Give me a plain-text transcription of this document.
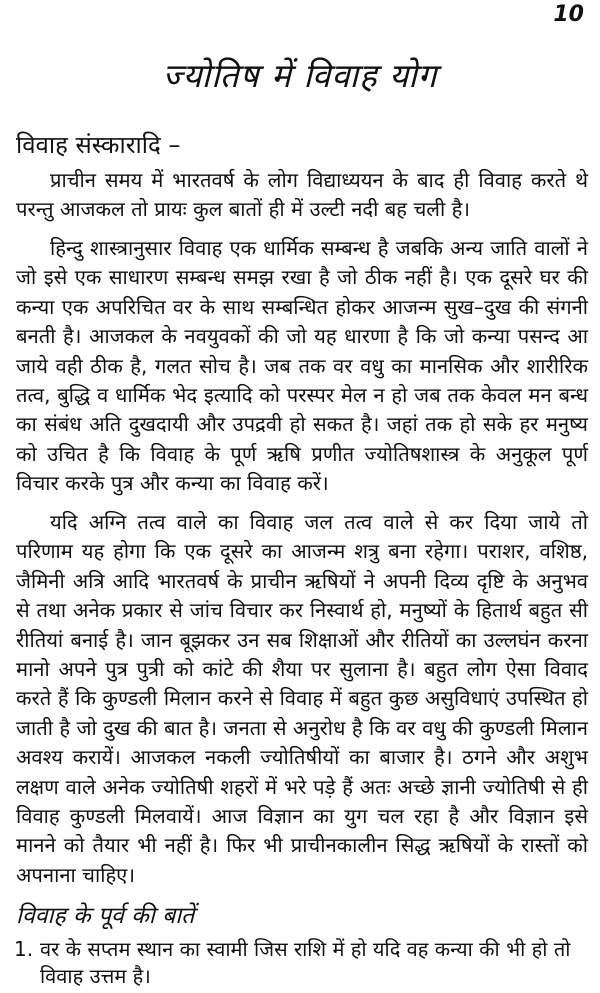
10
ज्योतिष में विवाह योग
विवाह संस्कारादि –

प्राचीन समय में भारतवर्ष के लोग विद्याध्ययन के बाद ही विवाह करते थे परन्तु आजकल तो प्रायः कुल बातों ही में उल्टी नदी बह चली है।

हिन्दु शास्त्रानुसार विवाह एक धार्मिक सम्बन्ध है जबकि अन्य जाति वालों ने जो इसे एक साधारण सम्बन्ध समझ रखा है जो ठीक नहीं है। एक दूसरे घर की कन्या एक अपरिचित वर के साथ सम्बन्धित होकर आजन्म सुख–दुख की संगनी बनती है। आजकल के नवयुवकों की जो यह धारणा है कि जो कन्या पसन्द आ जाये वही ठीक है, गलत सोच है। जब तक वर वधु का मानसिक और शारीरिक तत्व, बुद्धि व धार्मिक भेद इत्यादि को परस्पर मेल न हो जब तक केवल मन बन्ध का संबंध अति दुखदायी और उपद्रवी हो सकत है। जहां तक हो सके हर मनुष्य को उचित है कि विवाह के पूर्ण ऋषि प्रणीत ज्योतिषशास्त्र के अनुकूल पूर्ण विचार करके पुत्र और कन्या का विवाह करें।

यदि अग्नि तत्व वाले का विवाह जल तत्व वाले से कर दिया जाये तो परिणाम यह होगा कि एक दूसरे का आजन्म शत्रु बना रहेगा। पराशर, वशिष्ठ, जैमिनी अत्रि आदि भारतवर्ष के प्राचीन ऋषियों ने अपनी दिव्य दृष्टि के अनुभव से तथा अनेक प्रकार से जांच विचार कर निस्वार्थ हो, मनुष्यों के हितार्थ बहुत सी रीतियां बनाई है। जान बूझकर उन सब शिक्षाओं और रीतियों का उल्लघंन करना मानो अपने पुत्र पुत्री को कांटे की शैया पर सुलाना है। बहुत लोग ऐसा विवाद करते हैं कि कुण्डली मिलान करने से विवाह में बहुत कुछ असुविधाएं उपस्थित हो जाती है जो दुख की बात है। जनता से अनुरोध है कि वर वधु की कुण्डली मिलान अवश्य करायें। आजकल नकली ज्योतिषीयों का बाजार है। ठगने और अशुभ लक्षण वाले अनेक ज्योतिषी शहरों में भरे पड़े हैं अतः अच्छे ज्ञानी ज्योतिषी से ही विवाह कुण्डली मिलवायें। आज विज्ञान का युग चल रहा है और विज्ञान इसे मानने को तैयार भी नहीं है। फिर भी प्राचीनकालीन सिद्ध ऋषियों के रास्तों को अपनाना चाहिए।

विवाह के पूर्व की बातें
1. वर के सप्तम स्थान का स्वामी जिस राशि में हो यदि वह कन्या की भी हो तो विवाह उत्तम है।
